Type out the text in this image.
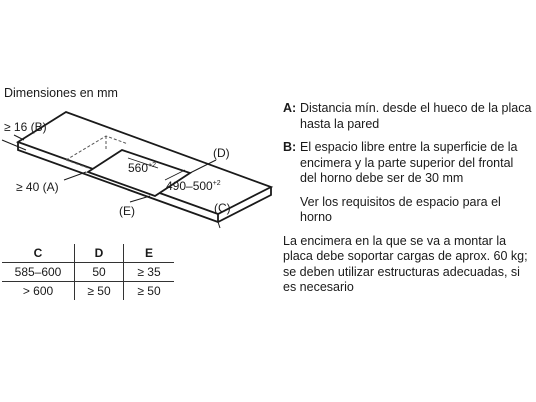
Dimensiones en mm
≥ 16 (B)
≥ 40 (A)
(D)
(C)
(E)
$560^{+2}$
$490-500^{+2}$
C	D	E
585–600	50	≥ 35
> 600	≥ 50	≥ 50
A: Distancia mín. desde el hueco de la placa hasta la pared
B: El espacio libre entre la superficie de la encimera y la parte superior del frontal del horno debe ser de 30 mm
Ver los requisitos de espacio para el horno
La encimera en la que se va a montar la placa debe soportar cargas de aprox. 60 kg; se deben utilizar estructuras adecuadas, si es necesario
